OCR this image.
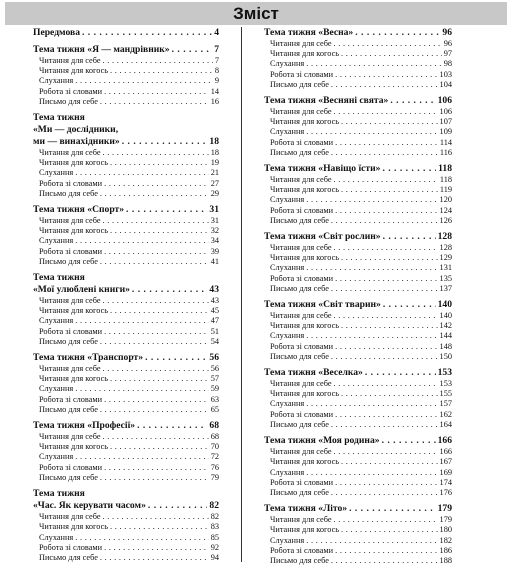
Зміст
Передмова . . .	4
Тема тижня «Я — мандрівник» . . .	7
Читання для себе . . .	7
Читання для когось . . .	8
Слухання . . .	9
Робота зі словами . . .	14
Письмо для себе . . .	16
Тема тижня
«Ми — дослідники,
ми — винахідники» . . .	18
Читання для себе . . .	18
Читання для когось . . .	19
Слухання . . .	21
Робота зі словами . . .	27
Письмо для себе . . .	29
Тема тижня «Спорт» . . .	31
Читання для себе . . .	31
Читання для когось . . .	32
Слухання . . .	34
Робота зі словами . . .	39
Письмо для себе . . .	41
Тема тижня
«Мої улюблені книги» . . .	43
Читання для себе . . .	43
Читання для когось . . .	45
Слухання . . .	47
Робота зі словами . . .	51
Письмо для себе . . .	54
Тема тижня «Транспорт» . . .	56
Читання для себе . . .	56
Читання для когось . . .	57
Слухання . . .	59
Робота зі словами . . .	63
Письмо для себе . . .	65
Тема тижня «Професії» . . .	68
Читання для себе . . .	68
Читання для когось . . .	70
Слухання . . .	72
Робота зі словами . . .	76
Письмо для себе . . .	79
Тема тижня
«Час. Як керувати часом» . . .	82
Читання для себе . . .	82
Читання для когось . . .	83
Слухання . . .	85
Робота зі словами . . .	92
Письмо для себе . . .	94
Тема тижня «Весна» . . .	96
Читання для себе . . .	96
Читання для когось . . .	97
Слухання . . .	98
Робота зі словами . . .	103
Письмо для себе . . .	104
Тема тижня «Весняні свята» . . .	106
Читання для себе . . .	106
Читання для когось . . .	107
Слухання . . .	109
Робота зі словами . . .	114
Письмо для себе . . .	116
Тема тижня «Навіщо їсти» . . .	118
Читання для себе . . .	118
Читання для когось . . .	119
Слухання . . .	120
Робота зі словами . . .	124
Письмо для себе . . .	126
Тема тижня «Світ рослин» . . .	128
Читання для себе . . .	128
Читання для когось . . .	129
Слухання . . .	131
Робота зі словами . . .	135
Письмо для себе . . .	137
Тема тижня «Світ тварин» . . .	140
Читання для себе . . .	140
Читання для когось . . .	142
Слухання . . .	144
Робота зі словами . . .	148
Письмо для себе . . .	150
Тема тижня «Веселка» . . .	153
Читання для себе . . .	153
Читання для когось . . .	155
Слухання . . .	157
Робота зі словами . . .	162
Письмо для себе . . .	164
Тема тижня «Моя родина» . . .	166
Читання для себе . . .	166
Читання для когось . . .	167
Слухання . . .	169
Робота зі словами . . .	174
Письмо для себе . . .	176
Тема тижня «Літо» . . .	179
Читання для себе . . .	179
Читання для когось . . .	180
Слухання . . .	182
Робота зі словами . . .	186
Письмо для себе . . .	188
